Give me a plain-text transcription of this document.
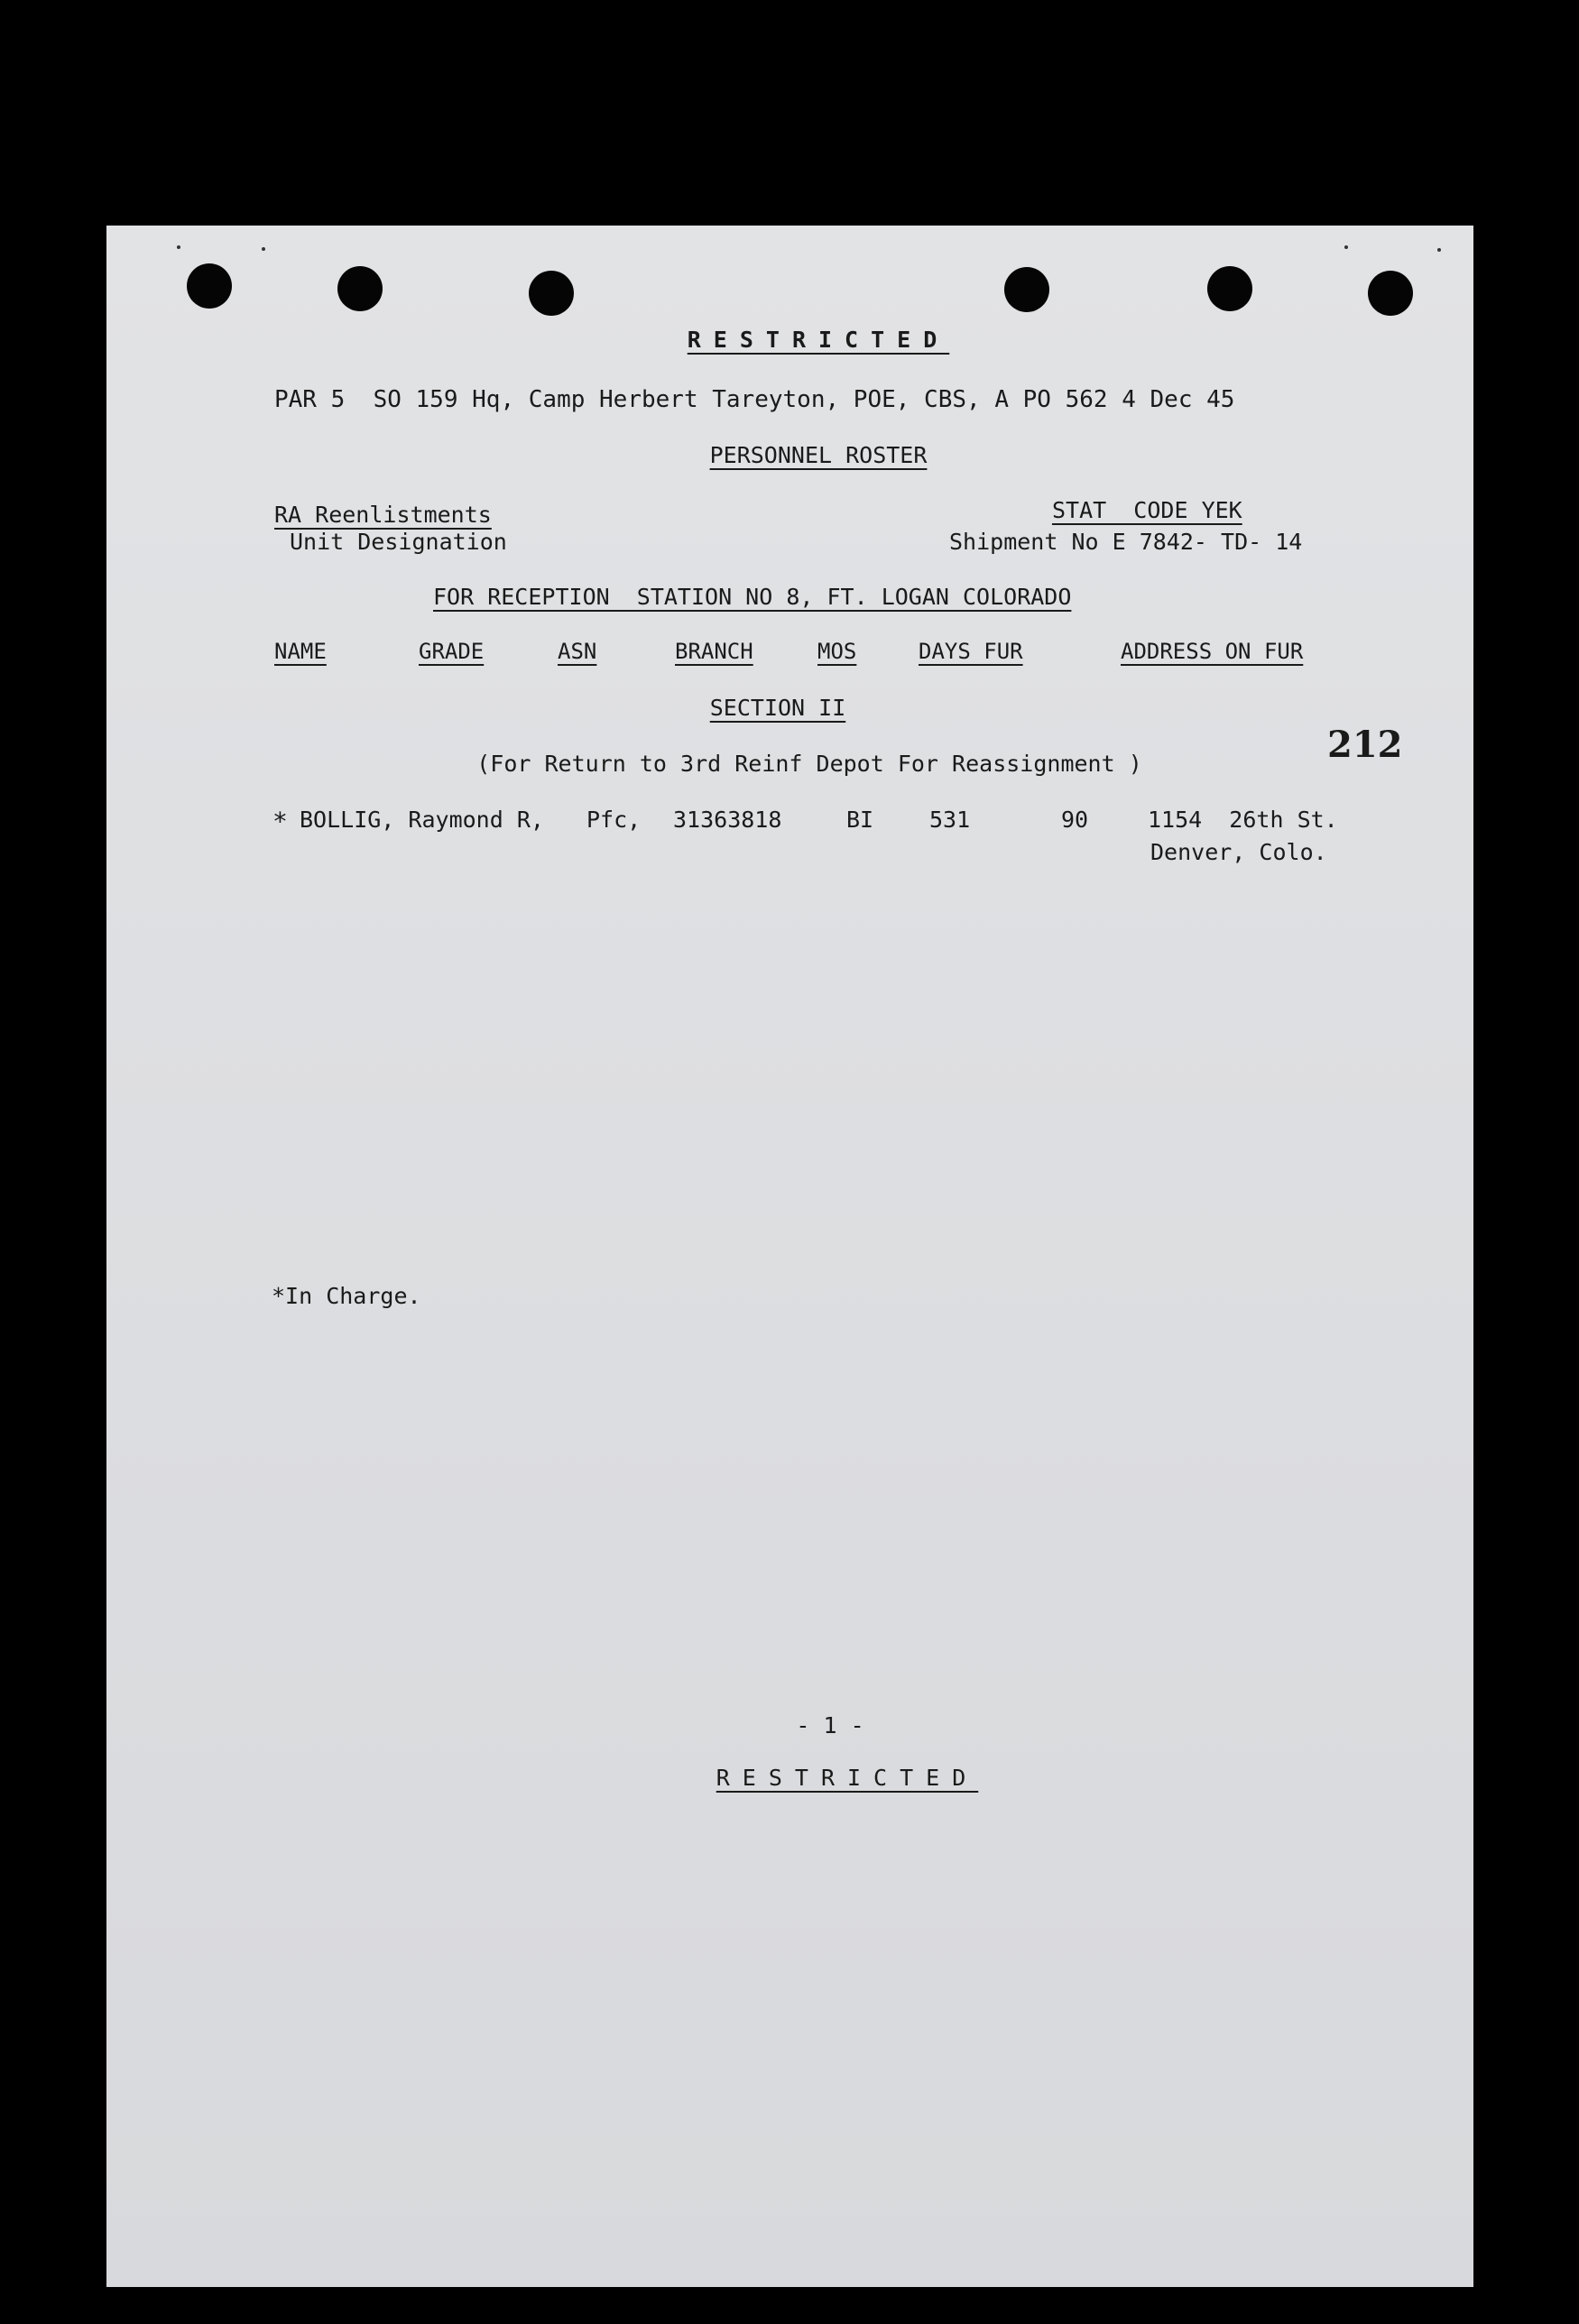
RESTRICTED
PAR 5  SO 159 Hq, Camp Herbert Tareyton, POE, CBS, A PO 562 4 Dec 45
PERSONNEL ROSTER
RA Reenlistments
Unit Designation
STAT  CODE YEK
Shipment No E 7842- TD- 14
FOR RECEPTION  STATION NO 8, FT. LOGAN COLORADO
NAME	GRADE	ASN	BRANCH	MOS	DAYS FUR	ADDRESS ON FUR
SECTION II
212
(For Return to 3rd Reinf Depot For Reassignment )
* BOLLIG, Raymond R, Pfc, 31363818	BI 531	90	1154  26th St.
Denver, Colo.
*In Charge.
- 1 -
RESTRICTED
